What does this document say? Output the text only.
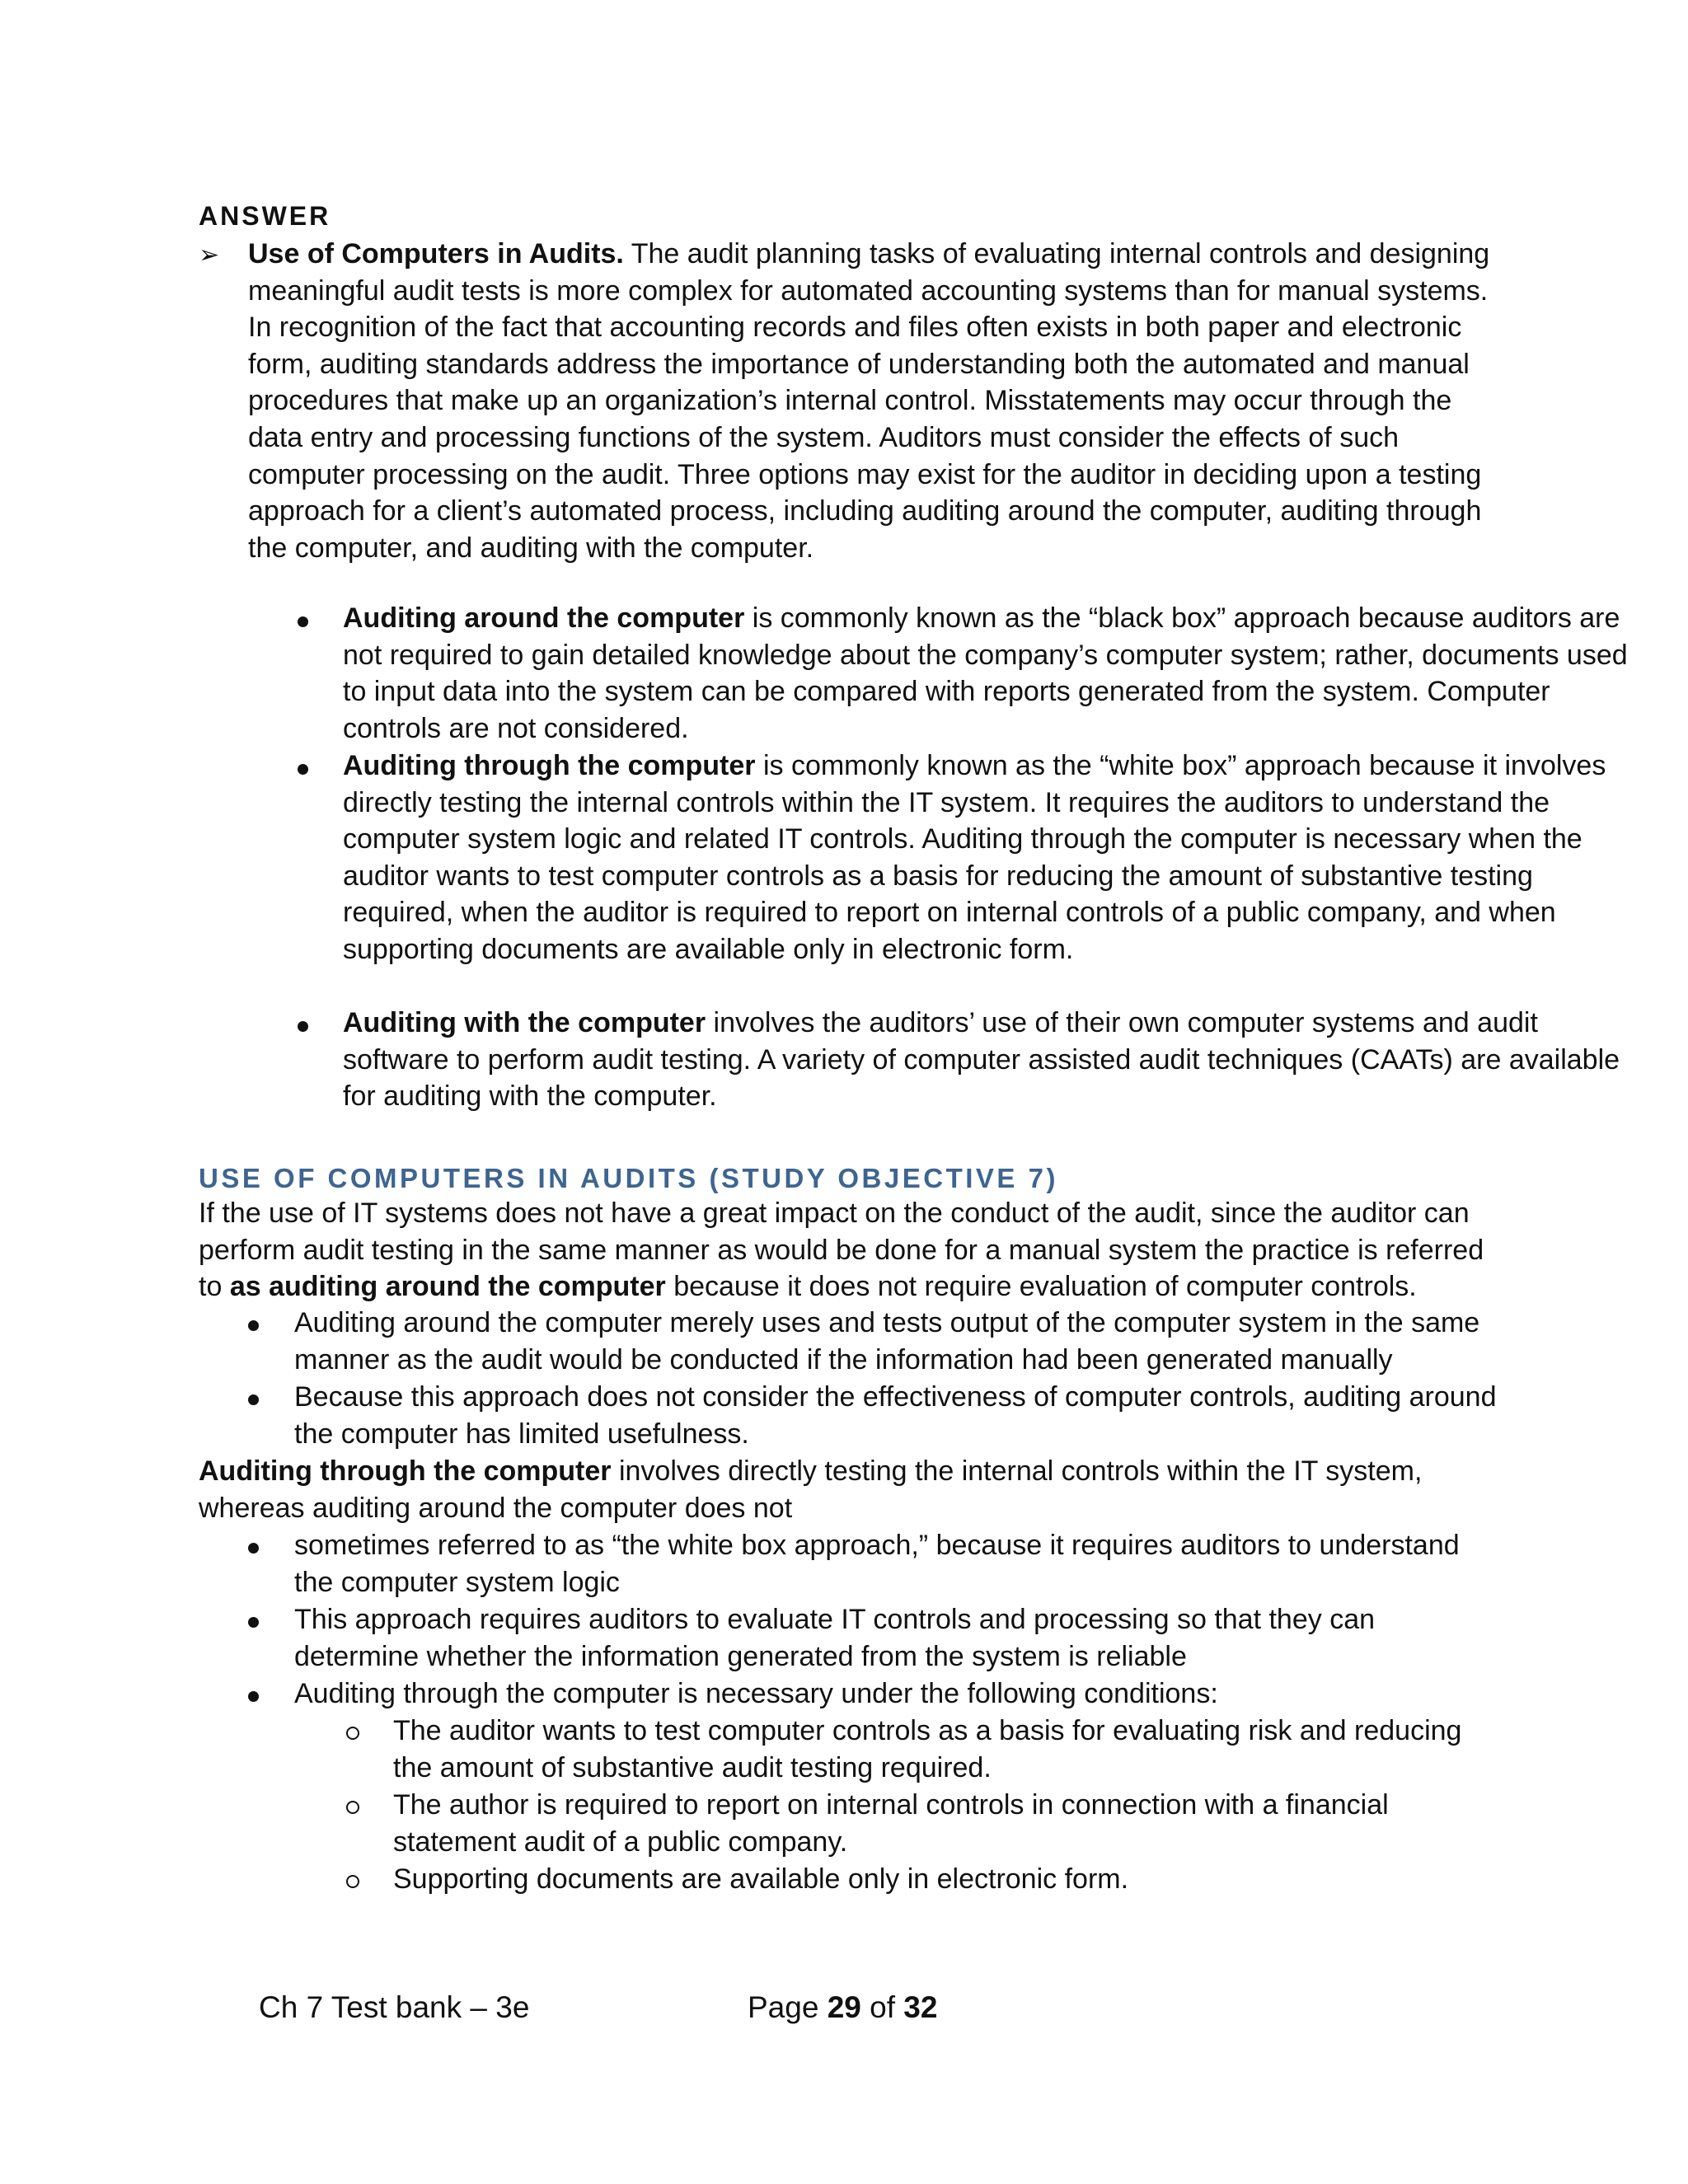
ANSWER
➢ Use of Computers in Audits. The audit planning tasks of evaluating internal controls and designing meaningful audit tests is more complex for automated accounting systems than for manual systems. In recognition of the fact that accounting records and files often exists in both paper and electronic form, auditing standards address the importance of understanding both the automated and manual procedures that make up an organization’s internal control. Misstatements may occur through the data entry and processing functions of the system. Auditors must consider the effects of such computer processing on the audit. Three options may exist for the auditor in deciding upon a testing approach for a client’s automated process, including auditing around the computer, auditing through the computer, and auditing with the computer.
Auditing around the computer is commonly known as the “black box” approach because auditors are not required to gain detailed knowledge about the company’s computer system; rather, documents used to input data into the system can be compared with reports generated from the system. Computer controls are not considered.
Auditing through the computer is commonly known as the “white box” approach because it involves directly testing the internal controls within the IT system. It requires the auditors to understand the computer system logic and related IT controls. Auditing through the computer is necessary when the auditor wants to test computer controls as a basis for reducing the amount of substantive testing required, when the auditor is required to report on internal controls of a public company, and when supporting documents are available only in electronic form.
Auditing with the computer involves the auditors’ use of their own computer systems and audit software to perform audit testing. A variety of computer assisted audit techniques (CAATs) are available for auditing with the computer.
USE OF COMPUTERS IN AUDITS (STUDY OBJECTIVE 7)
If the use of IT systems does not have a great impact on the conduct of the audit, since the auditor can perform audit testing in the same manner as would be done for a manual system the practice is referred to as auditing around the computer because it does not require evaluation of computer controls.
Auditing around the computer merely uses and tests output of the computer system in the same manner as the audit would be conducted if the information had been generated manually
Because this approach does not consider the effectiveness of computer controls, auditing around the computer has limited usefulness.
Auditing through the computer involves directly testing the internal controls within the IT system, whereas auditing around the computer does not
sometimes referred to as “the white box approach,” because it requires auditors to understand the computer system logic
This approach requires auditors to evaluate IT controls and processing so that they can determine whether the information generated from the system is reliable
Auditing through the computer is necessary under the following conditions:
The auditor wants to test computer controls as a basis for evaluating risk and reducing the amount of substantive audit testing required.
The author is required to report on internal controls in connection with a financial statement audit of a public company.
Supporting documents are available only in electronic form.
Ch 7 Test bank – 3e	Page 29 of 32
